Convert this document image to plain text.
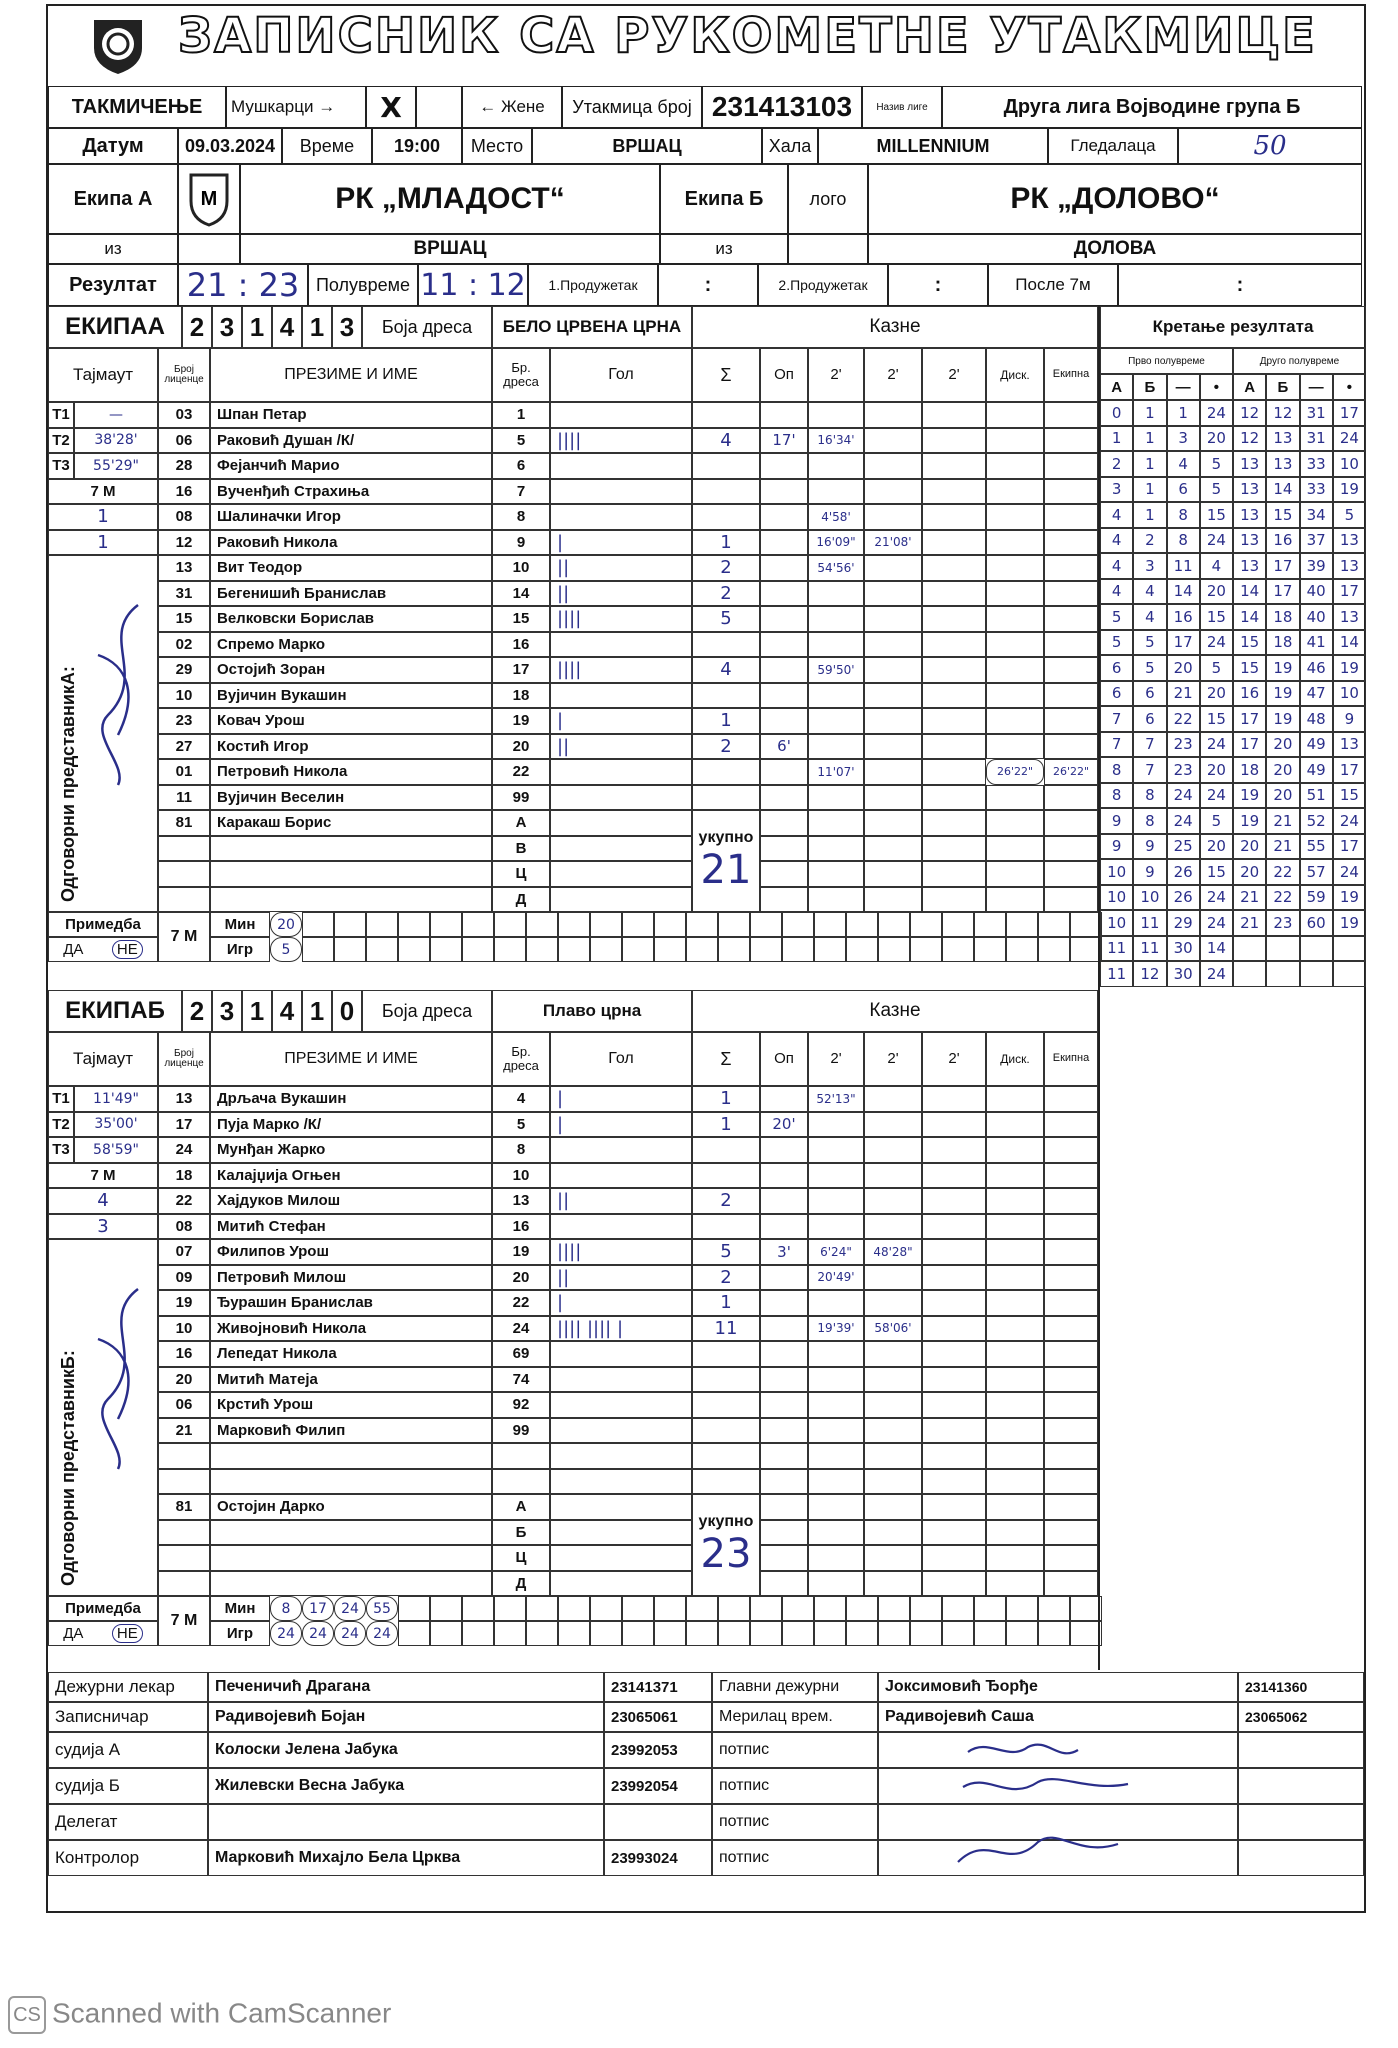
ЗАПИСНИК СА РУКОМЕТНЕ УТАКМИЦЕ
ТАКМИЧЕЊЕ	Мушкарци
→	X	←
Жене	Утакмица број 231413103	Назив лиге	Друга лига Војводине група Б
Датум	09.03.2024	Време	19:00	Место	ВРШАЦ	Хала	MILLENNIUM	Гледалаца	50
Екипа А	M	РК „МЛАДОСТ“	Екипа Б	лого	РК „ДОЛОВО“
из	ВРШАЦ	из	ДОЛОВА
Резултат 21 : 23 Полувреме 11 : 12	1.Продужетак	:	2.Продужетак	:	После 7м	:
ЕКИПАА 2 3 1 4 1 3	Боја дреса	БЕЛО ЦРВЕНА ЦРНА	Казне
Тајмаут	Број лиценце	ПРЕЗИМЕ И ИМЕ	Бр. дреса	Гол	Σ	Оп	2'	2'	2'	Диск.	Екипна
03	Шпан Петар	1
06	Раковић Душан /К/	5	||||	4	17'	16'34'
28	Фејанчић Марио	6
16	Вученђић Страхиња	7
08	Шалиначки Игор	8	4'58'
12	Раковић Никола	9	|	1	16'09"	21'08'
13	Вит Теодор	10	||	2	54'56'
31	Бегенишић Бранислав	14	||	2
15	Велковски Борислав	15	||||	5
02	Спремо Марко	16
29	Остојић Зоран	17	||||	4	59'50'
10	Вујичин Вукашин	18
23	Ковач Урош	19	|	1
27	Костић Игор	20	||	2	6'
01	Петровић Никола	22	11'07'	26'22"	26'22"
11	Вујичин Веселин	99
81	Каракаш Борис	А
В
Ц
Д
укупно
21
T1	—
T2	38'28'
T3	55'29"
7 М
1
1
Одговорни представникА:
Примедба
ДА	НЕ
7 М
Мин
Игр
20
5
ЕКИПАБ 2 3 1 4 1 0	Боја дреса	Плаво црна	Казне
Тајмаут	Број лиценце	ПРЕЗИМЕ И ИМЕ	Бр. дреса	Гол	Σ	Оп	2'	2'	2'	Диск.	Екипна
13	Дрљача Вукашин	4	|	1	52'13"
17	Пуја Марко /К/	5	|	1	20'
24	Мунђан Жарко	8
18	Калајџија Огњен	10
22	Хајдуков Милош	13	||	2
08	Митић Стефан	16
07	Филипов Урош	19	||||	5	3'	6'24"	48'28"
09	Петровић Милош	20	||	2	20'49'
19	Ђурашин Бранислав	22	|	1
10	Живојновић Никола	24	|||| |||| |	11	19'39'	58'06'
16	Лепедат Никола	69
20	Митић Матеја	74
06	Крстић Урош	92
21	Марковић Филип	99
81	Остојин Дарко	А
Б
Ц
Д
укупно
23
T1	11'49"
T2	35'00'
T3	58'59"
7 М
4
3
Одговорни представникБ:
Примедба
ДА	НЕ
7 М
Мин
Игр
8
24
17
24
24
24
55
24
Кретање резултата
Прво полувреме	Друго полувреме
А	Б	—	•	А	Б	—	•
0	12
1	12
1	31
24	17
1	12
1	13
3	31
20	24
2	13
1	13
4	33
5	10
3	13
1	14
6	33
5	19
4	13
1	15
8	34
15	5
4	13
2	16
8	37
24	13
4	13
3	17
11	39
4	13
4	14
4	17
14	40
20	17
5	14
4	18
16	40
15	13
5	15
5	18
17	41
24	14
6	15
5	19
20	46
5	19
6	16
6	19
21	47
20	10
7	17
6	19
22	48
15	9
7	17
7	20
23	49
24	13
8	18
7	20
23	49
20	17
8	19
8	20
24	51
24	15
9	19
8	21
24	52
5	24
9	20
9	21
25	55
20	17
10	20
9	22
26	57
15	24
10	21
10	22
26	59
24	19
10	21
11	23
29	60
24	19
11 11 30 14
11 12 30 24
Дежурни лекар	Печеничић Драгана	23141371	Главни дежурни	Јоксимовић Ђорђе	23141360
Записничар	Радивојевић Бојан	23065061	Мерилац врем.	Радивојевић Саша	23065062
судија А	Колоски Јелена Јабука	23992053	потпис
судија Б	Жилевски Весна Јабука	23992054	потпис
Делегат	потпис
Контролор	Марковић Михајло Бела Црква	23993024	потпис
CS Scanned with CamScanner
